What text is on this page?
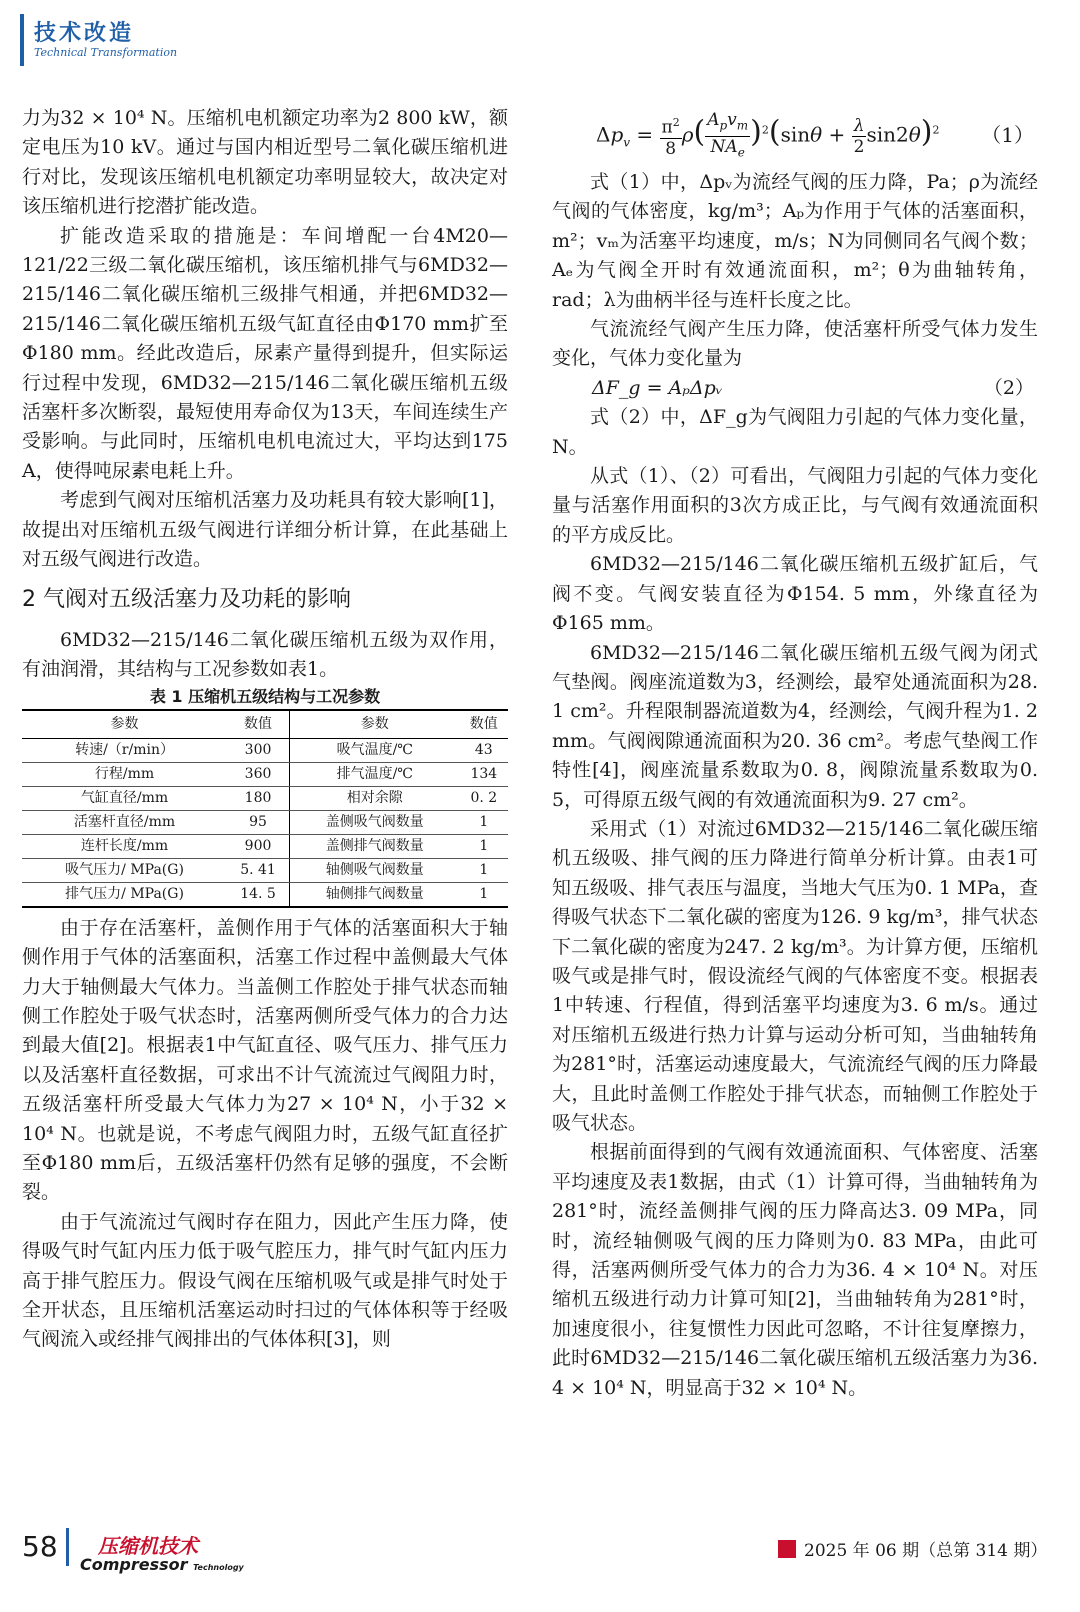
技术改造
Technical Transformation

力为32 × 10⁴ N。压缩机电机额定功率为2 800 kW，额定电压为10 kV。通过与国内相近型号二氧化碳压缩机进行对比，发现该压缩机电机额定功率明显较大，故决定对该压缩机进行挖潜扩能改造。

扩能改造采取的措施是：车间增配一台4M20—121/22三级二氧化碳压缩机，该压缩机排气与6MD32—215/146二氧化碳压缩机三级排气相通，并把6MD32—215/146二氧化碳压缩机五级气缸直径由Φ170 mm扩至Φ180 mm。经此改造后，尿素产量得到提升，但实际运行过程中发现，6MD32—215/146二氧化碳压缩机五级活塞杆多次断裂，最短使用寿命仅为13天，车间连续生产受影响。与此同时，压缩机电机电流过大，平均达到175 A，使得吨尿素电耗上升。

考虑到气阀对压缩机活塞力及功耗具有较大影响[1]，故提出对压缩机五级气阀进行详细分析计算，在此基础上对五级气阀进行改造。

2 气阀对五级活塞力及功耗的影响

6MD32—215/146二氧化碳压缩机五级为双作用，有油润滑，其结构与工况参数如表1。

表 1 压缩机五级结构与工况参数
参数	数值	参数	数值
转速/（r/min）	300	吸气温度/℃	43
行程/mm	360	排气温度/℃	134
气缸直径/mm	180	相对余隙	0. 2
活塞杆直径/mm	95	盖侧吸气阀数量	1
连杆长度/mm	900	盖侧排气阀数量	1
吸气压力/ MPa(G)	5. 41	轴侧吸气阀数量	1
排气压力/ MPa(G)	14. 5	轴侧排气阀数量	1

由于存在活塞杆，盖侧作用于气体的活塞面积大于轴侧作用于气体的活塞面积，活塞工作过程中盖侧最大气体力大于轴侧最大气体力。当盖侧工作腔处于排气状态而轴侧工作腔处于吸气状态时，活塞两侧所受气体力的合力达到最大值[2]。根据表1中气缸直径、吸气压力、排气压力以及活塞杆直径数据，可求出不计气流流过气阀阻力时，五级活塞杆所受最大气体力为27 × 10⁴ N，小于32 × 10⁴ N。也就是说，不考虑气阀阻力时，五级气缸直径扩至Φ180 mm后，五级活塞杆仍然有足够的强度，不会断裂。

由于气流流过气阀时存在阻力，因此产生压力降，使得吸气时气缸内压力低于吸气腔压力，排气时气缸内压力高于排气腔压力。假设气阀在压缩机吸气或是排气时处于全开状态，且压缩机活塞运动时扫过的气体体积等于经吸气阀流入或经排气阀排出的气体体积[3]，则

$\Delta p_v = \frac{\pi^2}{8} \rho( \frac{A_pv_m}{NA_e} )^2(\sin\theta + \frac{\lambda}{2} \sin 2\theta)^2$ （1）

式（1）中，Δpᵥ为流经气阀的压力降，Pa；ρ为流经气阀的气体密度，kg/m³；Aₚ为作用于气体的活塞面积，m²；vₘ为活塞平均速度，m/s；N为同侧同名气阀个数；Aₑ为气阀全开时有效通流面积，m²；θ为曲轴转角，rad；λ为曲柄半径与连杆长度之比。

气流流经气阀产生压力降，使活塞杆所受气体力发生变化，气体力变化量为

ΔF_g = AₚΔpᵥ	（2）

式（2）中，ΔF_g为气阀阻力引起的气体力变化量，N。

从式（1）、（2）可看出，气阀阻力引起的气体力变化量与活塞作用面积的3次方成正比，与气阀有效通流面积的平方成反比。

6MD32—215/146二氧化碳压缩机五级扩缸后，气阀不变。气阀安装直径为Φ154. 5 mm，外缘直径为Φ165 mm。

6MD32—215/146二氧化碳压缩机五级气阀为闭式气垫阀。阀座流道数为3，经测绘，最窄处通流面积为28. 1 cm²。升程限制器流道数为4，经测绘，气阀升程为1. 2 mm。气阀阀隙通流面积为20. 36 cm²。考虑气垫阀工作特性[4]，阀座流量系数取为0. 8，阀隙流量系数取为0. 5，可得原五级气阀的有效通流面积为9. 27 cm²。

采用式（1）对流过6MD32—215/146二氧化碳压缩机五级吸、排气阀的压力降进行简单分析计算。由表1可知五级吸、排气表压与温度，当地大气压为0. 1 MPa，查得吸气状态下二氧化碳的密度为126. 9 kg/m³，排气状态下二氧化碳的密度为247. 2 kg/m³。为计算方便，压缩机吸气或是排气时，假设流经气阀的气体密度不变。根据表1中转速、行程值，得到活塞平均速度为3. 6 m/s。通过对压缩机五级进行热力计算与运动分析可知，当曲轴转角为281°时，活塞运动速度最大，气流流经气阀的压力降最大，且此时盖侧工作腔处于排气状态，而轴侧工作腔处于吸气状态。

根据前面得到的气阀有效通流面积、气体密度、活塞平均速度及表1数据，由式（1）计算可得，当曲轴转角为281°时，流经盖侧排气阀的压力降高达3. 09 MPa，同时，流经轴侧吸气阀的压力降则为0. 83 MPa，由此可得，活塞两侧所受气体力的合力为36. 4 × 10⁴ N。对压缩机五级进行动力计算可知[2]，当曲轴转角为281°时，加速度很小，往复惯性力因此可忽略，不计往复摩擦力，此时6MD32—215/146二氧化碳压缩机五级活塞力为36. 4 × 10⁴ N，明显高于32 × 10⁴ N。

58	压缩机技术
Compressor Technology
2025 年 06 期（总第 314 期）
